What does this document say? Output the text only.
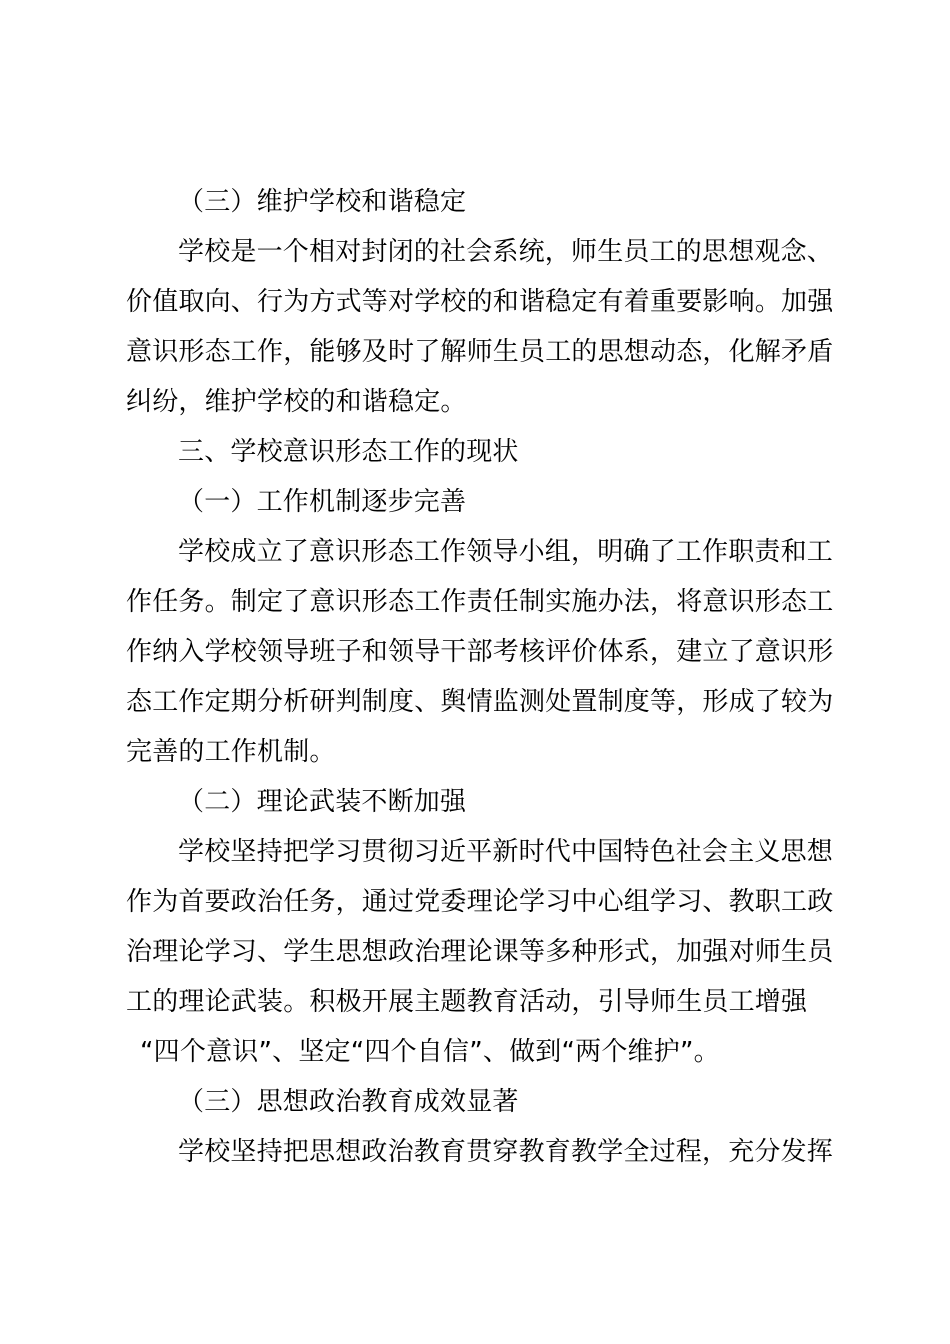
（三）维护学校和谐稳定
学校是一个相对封闭的社会系统，师生员工的思想观念、
价值取向、行为方式等对学校的和谐稳定有着重要影响。加强
意识形态工作，能够及时了解师生员工的思想动态，化解矛盾
纠纷，维护学校的和谐稳定。
三、学校意识形态工作的现状
（一）工作机制逐步完善
学校成立了意识形态工作领导小组，明确了工作职责和工
作任务。制定了意识形态工作责任制实施办法，将意识形态工
作纳入学校领导班子和领导干部考核评价体系，建立了意识形
态工作定期分析研判制度、舆情监测处置制度等，形成了较为
完善的工作机制。
（二）理论武装不断加强
学校坚持把学习贯彻习近平新时代中国特色社会主义思想
作为首要政治任务，通过党委理论学习中心组学习、教职工政
治理论学习、学生思想政治理论课等多种形式，加强对师生员
工的理论武装。积极开展主题教育活动，引导师生员工增强
“四个意识”、坚定“四个自信”、做到“两个维护”。
（三）思想政治教育成效显著
学校坚持把思想政治教育贯穿教育教学全过程，充分发挥
